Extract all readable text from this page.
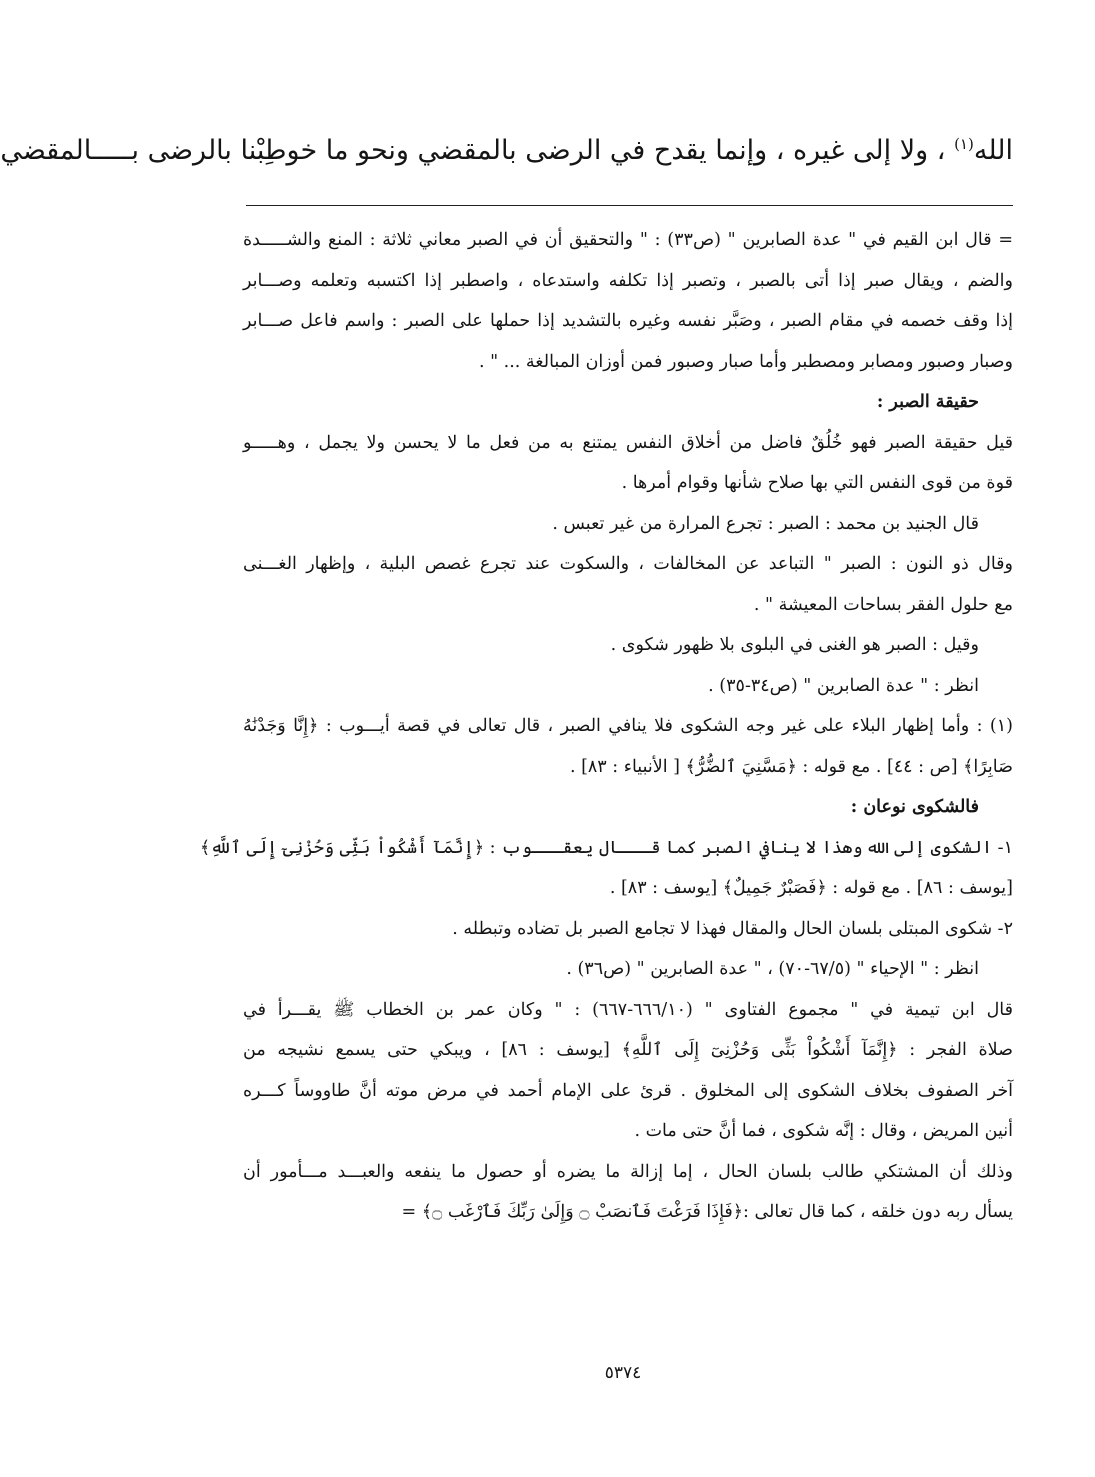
الله$^{(١)}$ ، ولا إلى غيره ، وإنما يقدح في الرضى بالمقضي ونحو ما خوطِبْنا بالرضى بـــــالمقضي
= قال ابن القيم في " عدة الصابرين " (ص٣٣) : " والتحقيق أن في الصبر معاني ثلاثة : المنع والشـــــدة
والضم ، ويقال صبر إذا أتى بالصبر ، وتصبر إذا تكلفه واستدعاه ، واصطبر إذا اكتسبه وتعلمه وصـــابر
إذا وقف خصمه في مقام الصبر ، وصَبَّر نفسه وغيره بالتشديد إذا حملها على الصبر : واسم فاعل صـــابر
وصبار وصبور ومصابر ومصطبر وأما صبار وصبور فمن أوزان المبالغة ... " .
حقيقة الصبر :
قيل حقيقة الصبر فهو خُلُقٌ فاضل من أخلاق النفس يمتنع به من فعل ما لا يحسن ولا يجمل ، وهـــــو
قوة من قوى النفس التي بها صلاح شأنها وقوام أمرها .
قال الجنيد بن محمد : الصبر : تجرع المرارة من غير تعبس .
وقال ذو النون : الصبر " التباعد عن المخالفات ، والسكوت عند تجرع غصص البلية ، وإظهار الغـــنى
مع حلول الفقر بساحات المعيشة " .
وقيل : الصبر هو الغنى في البلوى بلا ظهور شكوى .
انظر : " عدة الصابرين " (ص٣٤-٣٥) .
(١) : وأما إظهار البلاء على غير وجه الشكوى فلا ينافي الصبر ، قال تعالى في قصة أيـــوب : ﴿إِنَّا وَجَدْنَٰهُ
صَابِرًا﴾ [ص : ٤٤] . مع قوله : ﴿مَسَّنِيَ ٱلضُّرُّ﴾ [ الأنبياء : ٨٣] .
فالشكوى نوعان :
١- الشكوى إلى الله وهذا لا ينافي الصبر كما قـــال يعقـــوب : ﴿إِنَّمَآ أَشْكُواْ بَثِّى وَحُزْنِىٓ إِلَى ٱللَّهِ﴾
[يوسف : ٨٦] . مع قوله : ﴿فَصَبْرٌ جَمِيلٌ﴾ [يوسف : ٨٣] .
٢- شكوى المبتلى بلسان الحال والمقال فهذا لا تجامع الصبر بل تضاده وتبطله .
انظر : " الإحياء " (٦٧/٥-٧٠) ، " عدة الصابرين " (ص٣٦) .
قال ابن تيمية في " مجموع الفتاوى " (٦٦٦/١٠-٦٦٧) : " وكان عمر بن الخطاب ﷺ يقـــرأ في
صلاة الفجر : ﴿إِنَّمَآ أَشْكُواْ بَثِّى وَحُزْنِىٓ إِلَى ٱللَّهِ﴾ [يوسف : ٨٦] ، ويبكي حتى يسمع نشيجه من
آخر الصفوف بخلاف الشكوى إلى المخلوق . قرئ على الإمام أحمد في مرض موته أنَّ طاووساً كـــره
أنين المريض ، وقال : إنَّه شكوى ، فما أنَّ حتى مات .
وذلك أن المشتكي طالب بلسان الحال ، إما إزالة ما يضره أو حصول ما ينفعه والعبـــد مـــأمور أن
يسأل ربه دون خلقه ، كما قال تعالى :﴿فَإِذَا فَرَغْتَ فَٱنصَبْ ۝ وَإِلَىٰ رَبِّكَ فَٱرْغَب ۝﴾ =
٥٣٧٤
